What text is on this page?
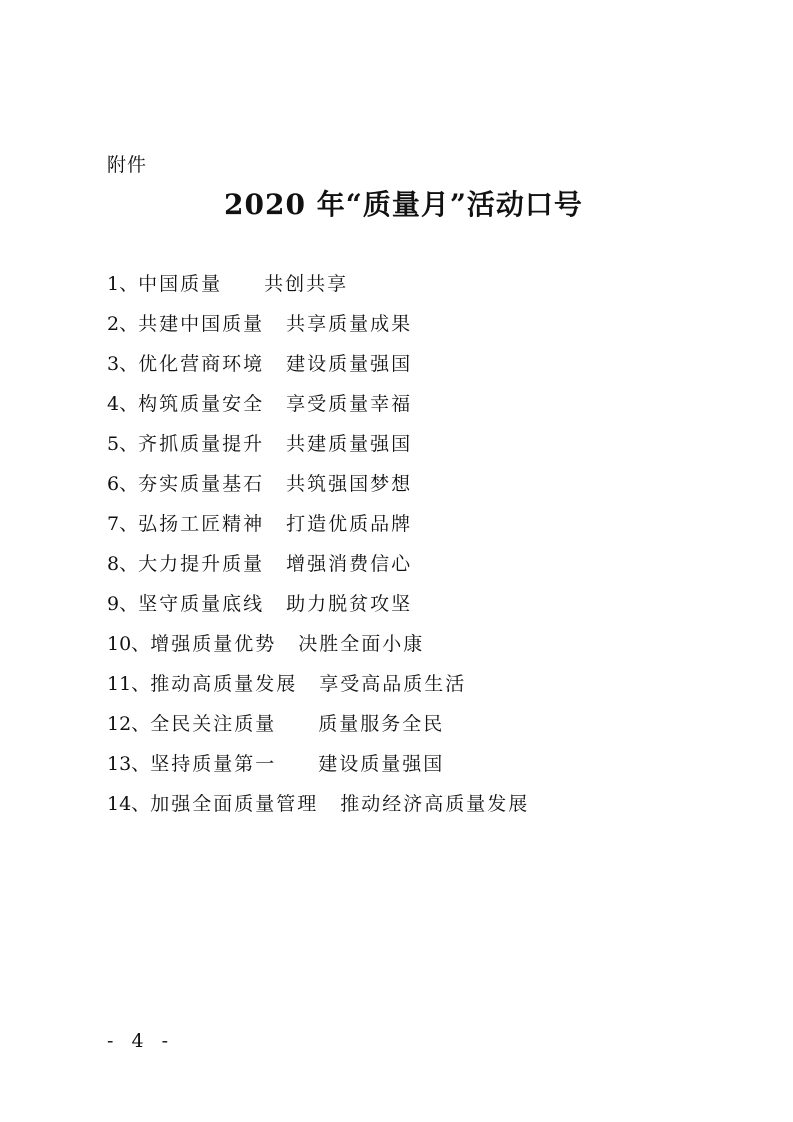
附件
2020 年“质量月”活动口号
1、中国质量 共创共享
2、共建中国质量 共享质量成果
3、优化营商环境 建设质量强国
4、构筑质量安全 享受质量幸福
5、齐抓质量提升 共建质量强国
6、夯实质量基石 共筑强国梦想
7、弘扬工匠精神 打造优质品牌
8、大力提升质量 增强消费信心
9、坚守质量底线 助力脱贫攻坚
10、增强质量优势 决胜全面小康
11、推动高质量发展 享受高品质生活
12、全民关注质量 质量服务全民
13、坚持质量第一 建设质量强国
14、加强全面质量管理 推动经济高质量发展
- 4 -
